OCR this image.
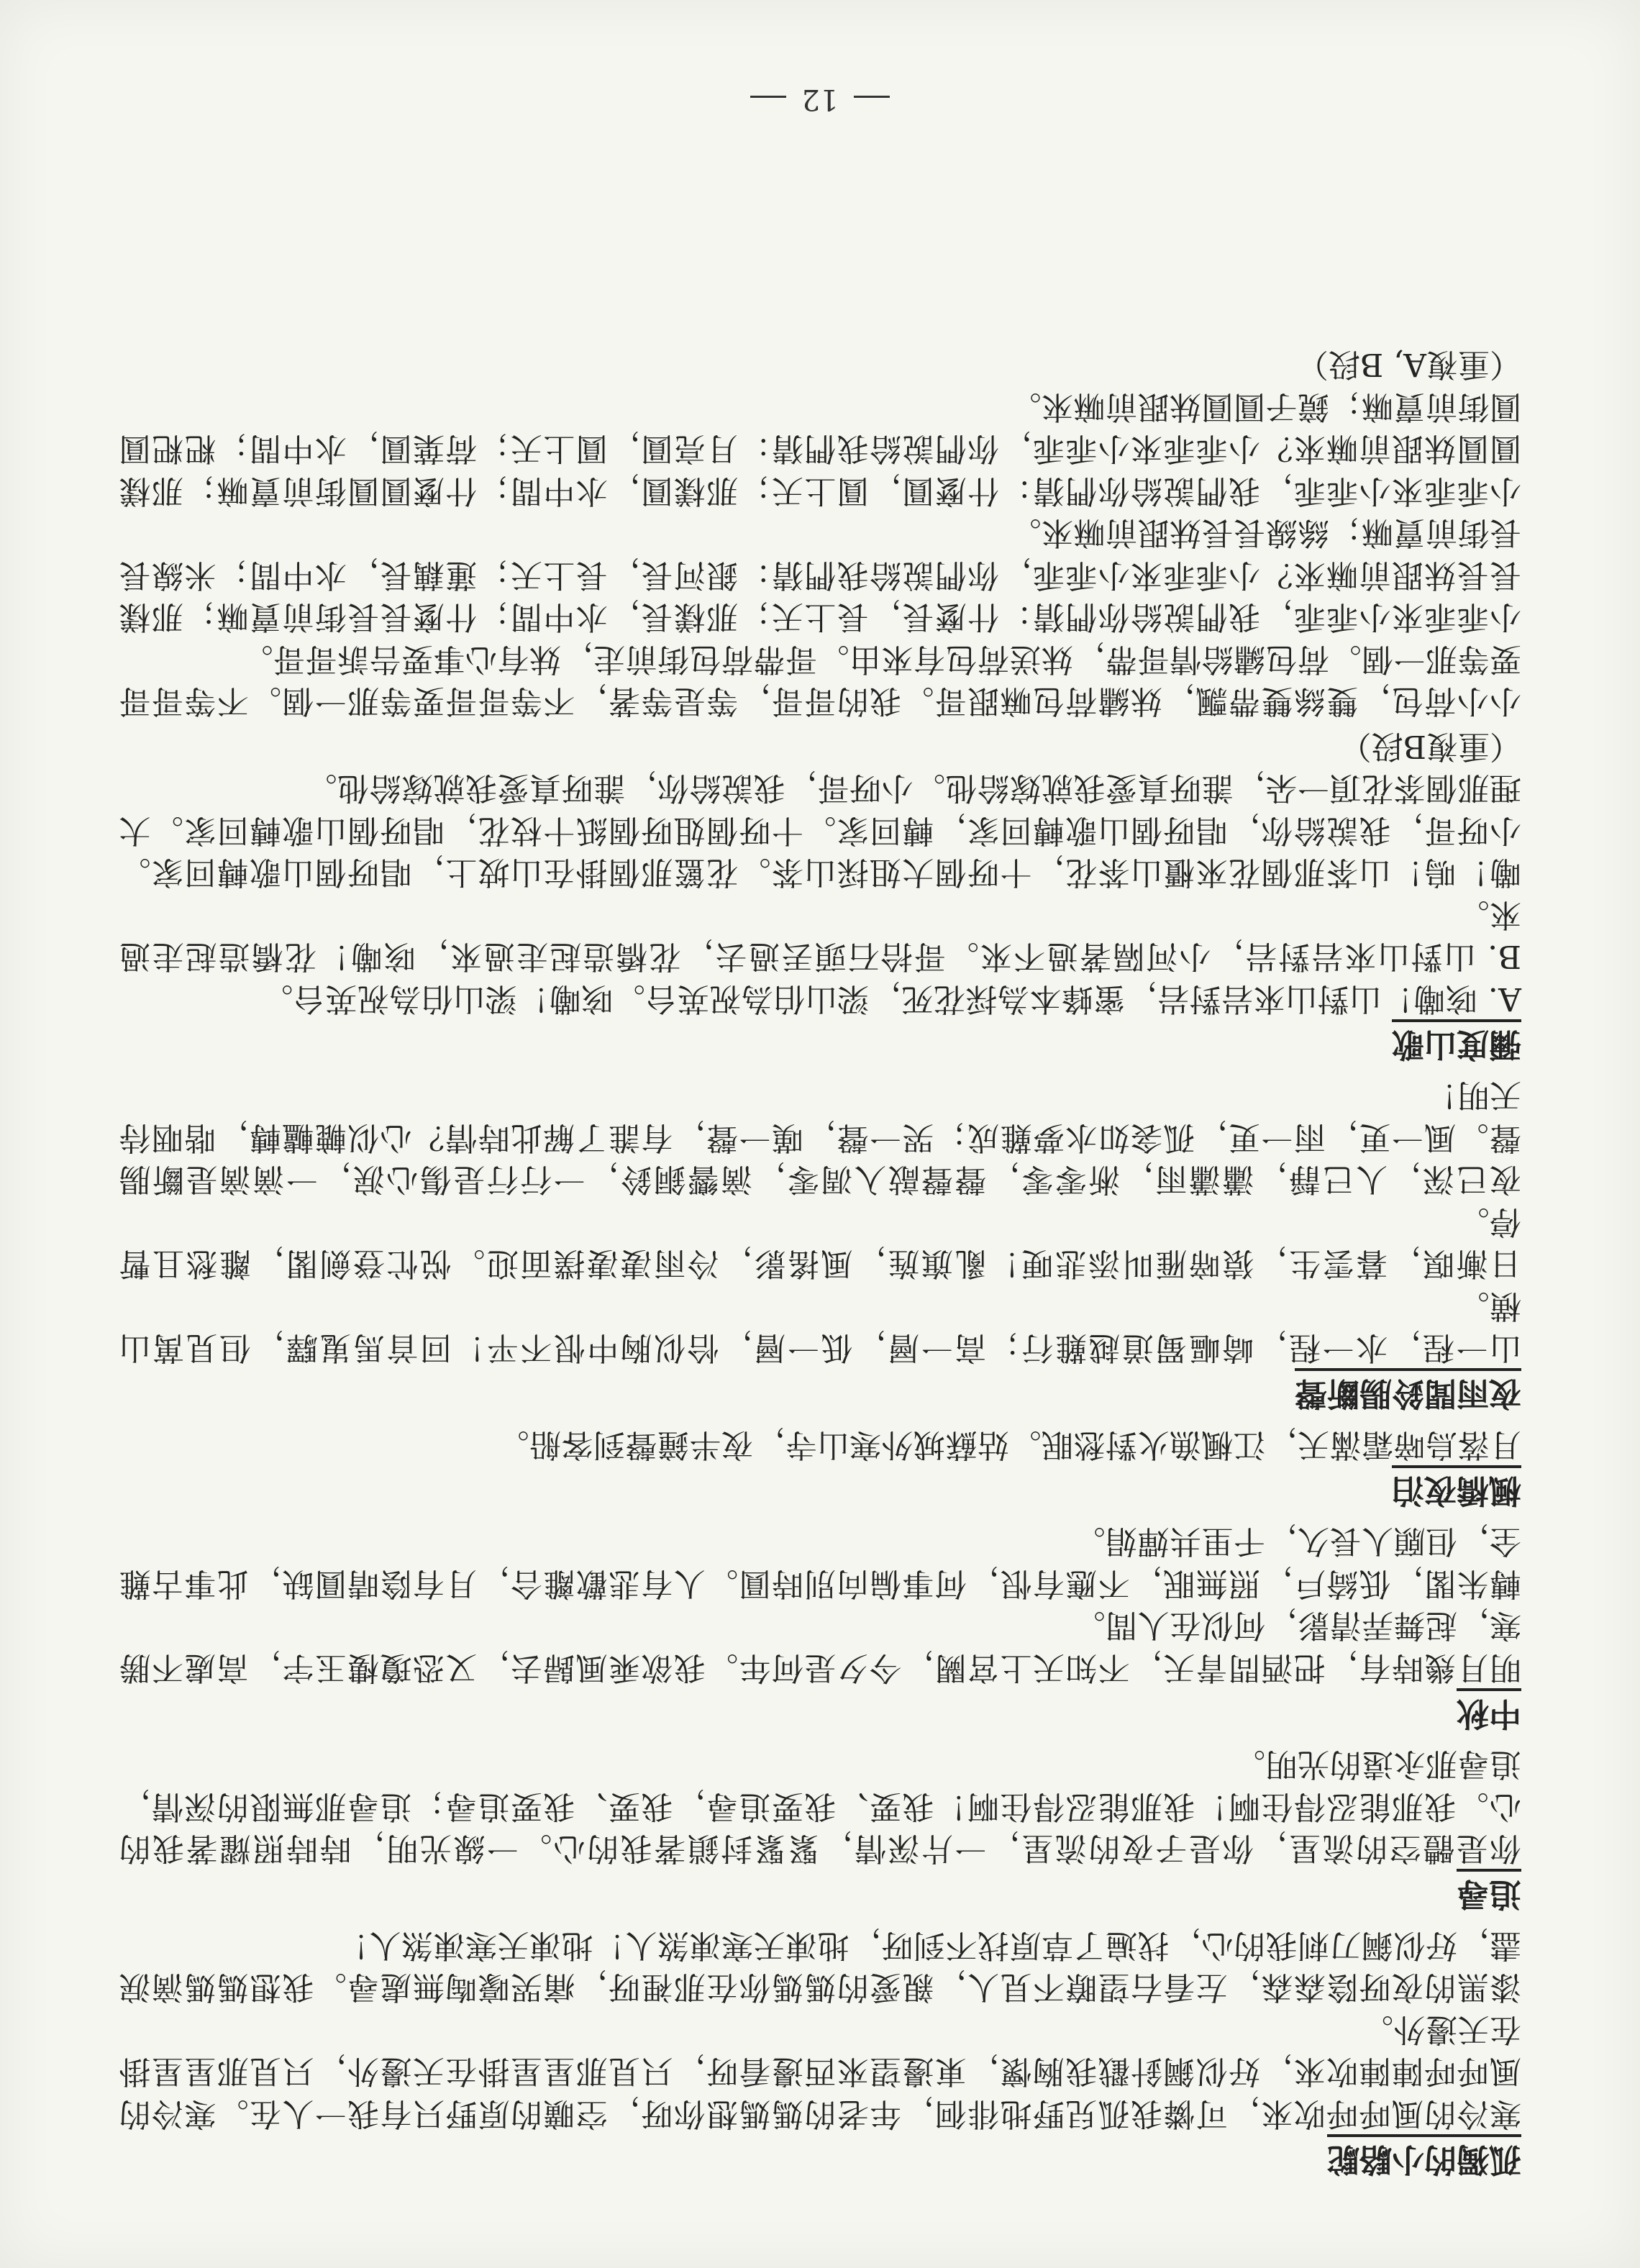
孤獨的小駱駝

寒冷的風呼呼吹來，可憐我孤兒野地徘徊，年老的媽媽想你呀，空曠的原野只有我一人在。寒冷的風呼呼陣陣吹來，好似鋼針戳我胸懷，東邊望來西邊看呀，只見那星星掛在天邊外，只見那星星掛在天邊外。

漆黑的夜呀陰森森，左看右望瞭不見人，親愛的媽媽你在那裡呀，痛哭嚎啕無處尋。我想媽媽滴淚盡，好似鋼刀刺我的心，找遍了草原找不到呀，地凍天寒凍煞人！地凍天寒凍煞人！

追尋

你是體空的流星，你是子夜的流星，一片深情，緊緊封鎖著我的心。一線光明，時時照耀著我的心。我那能忍得住啊！我那能忍得住啊！我要、我要追尋，我要、我要追尋；追尋那無限的深情，追尋那永遠的光明。

中秋

明月幾時有，把酒問青天，不知天上宮闕，今夕是何年。我欲乘風歸去，又恐瓊樓玉宇，高處不勝寒，起舞弄清影，何似在人間。

轉朱閣，低綺戶，照無眠，不應有恨，何事偏向別時圓。人有悲歡離合，月有陰晴圓缺，此事古難全，但願人長久，千里共嬋娟。

楓橋夜泊

月落烏啼霜滿天，江楓漁火對愁眠。姑蘇城外寒山寺，夜半鐘聲到客船。

夜雨聞鈴腸斷聲

山一程，水一程，崎嶇蜀道越難行；高一層，低一層，恰似胸中恨不平！回首馬嵬驛，但見萬山横。

日漸暝，暮雲生，猿啼雁叫添悲哽！亂旗旌，風搖影，冷雨凄凄撲面迎。悦忙登劍閣，離愁且暫停。

夜已深，人已靜，瀟瀟雨，淅零零，聲聲敲入凋零，滴響銅鈴，一行行是傷心淚，一滴滴是斷腸聲。風一更，雨一更，孤衾如水夢難成；哭一聲，嘆一聲，有誰了解此時情？心似轆轤轉，喈咽待天明！

彌度山歌

A. 咳嘞！山對山來岩對岩，蜜蜂本為採花死，梁山伯為祝英台。咳嘞！梁山伯為祝英台。

B. 山對山來岩對岩，小河隔著過不來。哥拾石頭丟過去，花橋造起走過來，咳嘞！花橋造起走過來。

嘞！嗚！山茶那個花來櫃山茶花，十呀個大姐採山茶。花籃那個掛在山坡上，唱呀個山歌轉回家。小呀哥，我說給你，唱呀個山歌轉回家，轉回家。十呀個姐呀個紙十枝花，唱呀個山歌轉回家。大理那個茶花頂一朵，誰呀真愛我就嫁給他。小呀哥，我說給你，誰呀真愛我就嫁給他。

（重複B段）

小小荷包，雙絲雙帶飄，妹繡荷包嘛跟哥。我的哥哥，等是等著，不等哥哥要等那一個。不等哥哥要等那一個。荷包繡給情哥帶，妹送荷包有來由。哥帶荷包街前走，妹有心事要告訴哥哥。

小乖乖來小乖乖，我們說給你們猜：什麼長，長上天；那樣長，水中間；什麼長長街前賣嘛；那樣長長妹跟前嘛來？小乖乖來小乖乖，你們說給我們猜：銀河長，長上天；蓮藕長，水中間；米線長長街前賣嘛；絲線長長妹跟前嘛來。

小乖乖來小乖乖，我們說給你們猜：什麼圓，圓上天；那樣圓，水中間；什麼圓圓街前賣嘛；那樣圓圓妹跟前嘛來？小乖乖來小乖乖，你們說給我們猜：月亮圓，圓上天；荷葉圓，水中間；粑粑圓圓街前賣嘛；鏡子圓圓妹跟前嘛來。

（重複A, B段）

12
